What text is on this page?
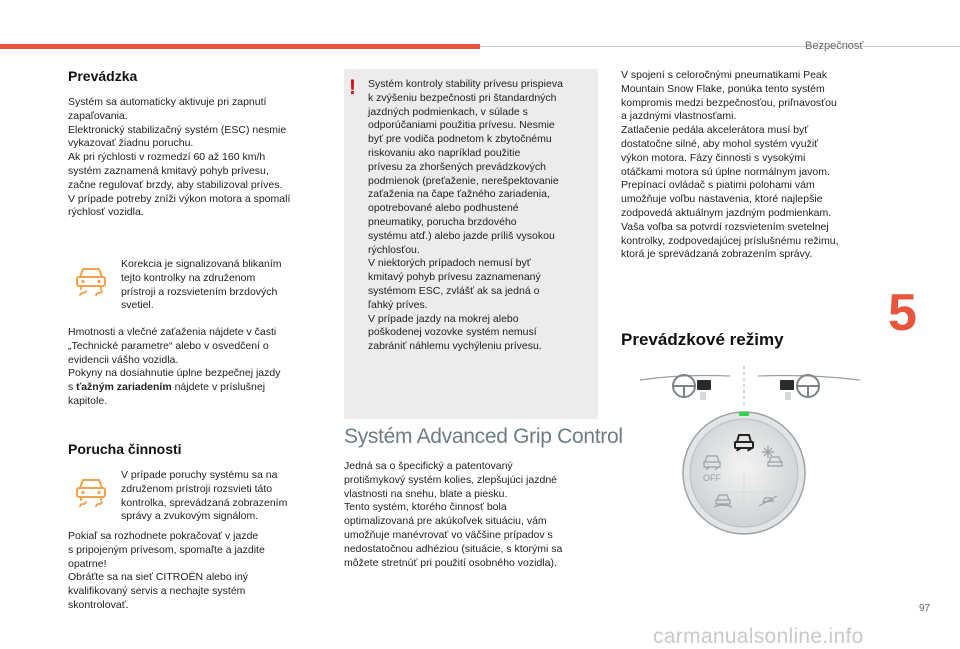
Bezpečnosť
5
97
carmanualsonline.info
Prevádzka

Systém sa automaticky aktivuje pri zapnutí
zapaľovania.
Elektronický stabilizačný systém (ESC) nesmie
vykazovať žiadnu poruchu.
Ak pri rýchlosti v rozmedzí 60 až 160 km/h
systém zaznamená kmitavý pohyb prívesu,
začne regulovať brzdy, aby stabilizoval príves.
V prípade potreby zníži výkon motora a spomalí
rýchlosť vozidla.

Korekcia je signalizovaná blikaním
tejto kontrolky na združenom
prístroji a rozsvietením brzdových
svetiel.

Hmotnosti a vlečné zaťaženia nájdete v časti
„Technické parametre“ alebo v osvedčení o
evidencii vášho vozidla.
Pokyny na dosiahnutie úplne bezpečnej jazdy
s ťažným zariadením nájdete v príslušnej
kapitole.

Porucha činnosti

V prípade poruchy systému sa na
združenom prístroji rozsvieti táto
kontrolka, sprevádzaná zobrazením
správy a zvukovým signálom.

Pokiaľ sa rozhodnete pokračovať v jazde
s pripojeným prívesom, spomaľte a jazdite
opatrne!
Obráťte sa na sieť CITROËN alebo iný
kvalifikovaný servis a nechajte systém
skontrolovať.

! Systém kontroly stability prívesu prispieva
k zvýšeniu bezpečnosti pri štandardných
jazdných podmienkach, v súlade s
odporúčaniami použitia prívesu. Nesmie
byť pre vodiča podnetom k zbytočnému
riskovaniu ako napríklad použitie
prívesu za zhoršených prevádzkových
podmienok (preťaženie, nerešpektovanie
zaťaženia na čape ťažného zariadenia,
opotrebované alebo podhustené
pneumatiky, porucha brzdového
systému atď.) alebo jazde príliš vysokou
rýchlosťou.
V niektorých prípadoch nemusí byť
kmitavý pohyb prívesu zaznamenaný
systémom ESC, zvlášť ak sa jedná o
ľahký príves.
V prípade jazdy na mokrej alebo
poškodenej vozovke systém nemusí
zabrániť náhlemu vychýleniu prívesu.

Systém Advanced Grip Control

Jedná sa o špecifický a patentovaný
protišmykový systém kolies, zlepšujúci jazdné
vlastnosti na snehu, blate a piesku.
Tento systém, ktorého činnosť bola
optimalizovaná pre akúkoľvek situáciu, vám
umožňuje manévrovať vo väčšine prípadov s
nedostatočnou adhéziou (situácie, s ktorými sa
môžete stretnúť pri použití osobného vozidla).

V spojení s celoročnými pneumatikami Peak
Mountain Snow Flake, ponúka tento systém
kompromis medzi bezpečnosťou, priľnavosťou
a jazdnými vlastnosťami.
Zatlačenie pedála akcelerátora musí byť
dostatočne silné, aby mohol systém využiť
výkon motora. Fázy činnosti s vysokými
otáčkami motora sú úplne normálnym javom.
Prepínací ovládač s piatimi polohami vám
umožňuje voľbu nastavenia, ktoré najlepšie
zodpovedá aktuálnym jazdným podmienkam.
Vaša voľba sa potvrdí rozsvietením svetelnej
kontrolky, zodpovedajúcej príslušnému režimu,
ktorá je sprevádzaná zobrazením správy.

Prevádzkové režimy
OFF
